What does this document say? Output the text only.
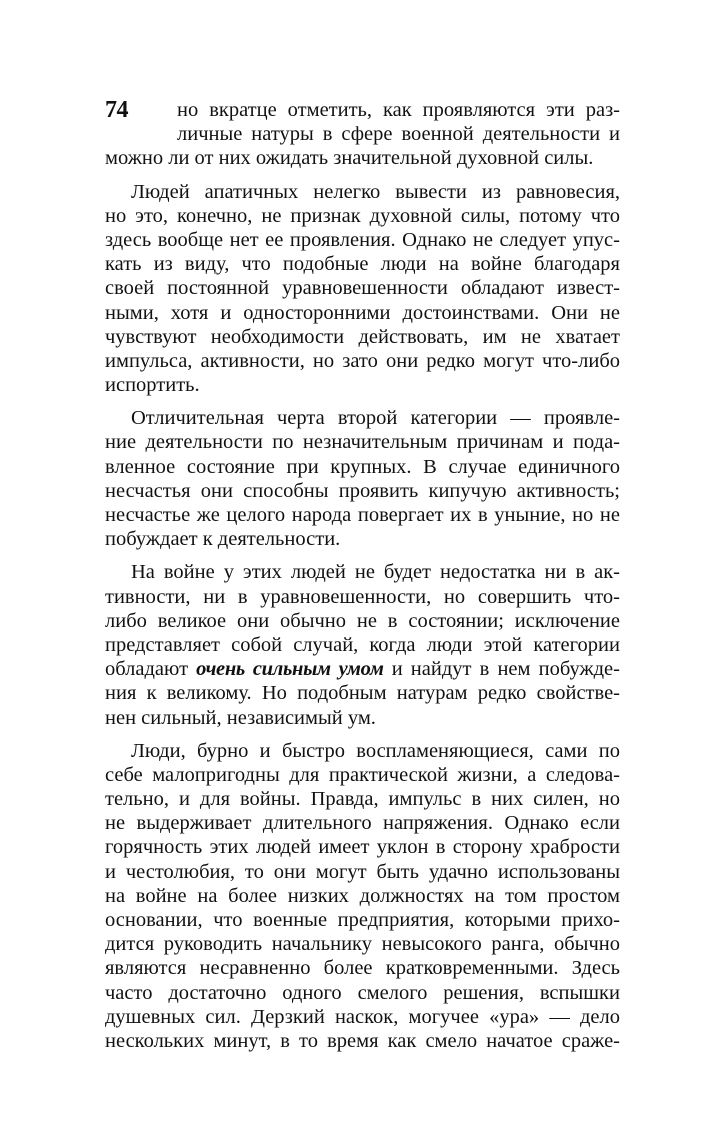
74	но вкратце отметить, как проявляются эти раз-
личные натуры в сфере военной деятельности и
можно ли от них ожидать значительной духовной силы.
Людей апатичных нелегко вывести из равновесия,
но это, конечно, не признак духовной силы, потому что
здесь вообще нет ее проявления. Однако не следует упус-
кать из виду, что подобные люди на войне благодаря
своей постоянной уравновешенности обладают извест-
ными, хотя и односторонними достоинствами. Они не
чувствуют необходимости действовать, им не хватает
импульса, активности, но зато они редко могут что-либо
испортить.
Отличительная черта второй категории — проявле-
ние деятельности по незначительным причинам и пода-
вленное состояние при крупных. В случае единичного
несчастья они способны проявить кипучую активность;
несчастье же целого народа повергает их в уныние, но не
побуждает к деятельности.
На войне у этих людей не будет недостатка ни в ак-
тивности, ни в уравновешенности, но совершить что-
либо великое они обычно не в состоянии; исключение
представляет собой случай, когда люди этой категории
обладают очень сильным умом и найдут в нем побужде-
ния к великому. Но подобным натурам редко свойстве-
нен сильный, независимый ум.
Люди, бурно и быстро воспламеняющиеся, сами по
себе малопригодны для практической жизни, а следова-
тельно, и для войны. Правда, импульс в них силен, но
не выдерживает длительного напряжения. Однако если
горячность этих людей имеет уклон в сторону храбрости
и честолюбия, то они могут быть удачно использованы
на войне на более низких должностях на том простом
основании, что военные предприятия, которыми прихо-
дится руководить начальнику невысокого ранга, обычно
являются несравненно более кратковременными. Здесь
часто достаточно одного смелого решения, вспышки
душевных сил. Дерзкий наскок, могучее «ура» — дело
нескольких минут, в то время как смело начатое сраже-
